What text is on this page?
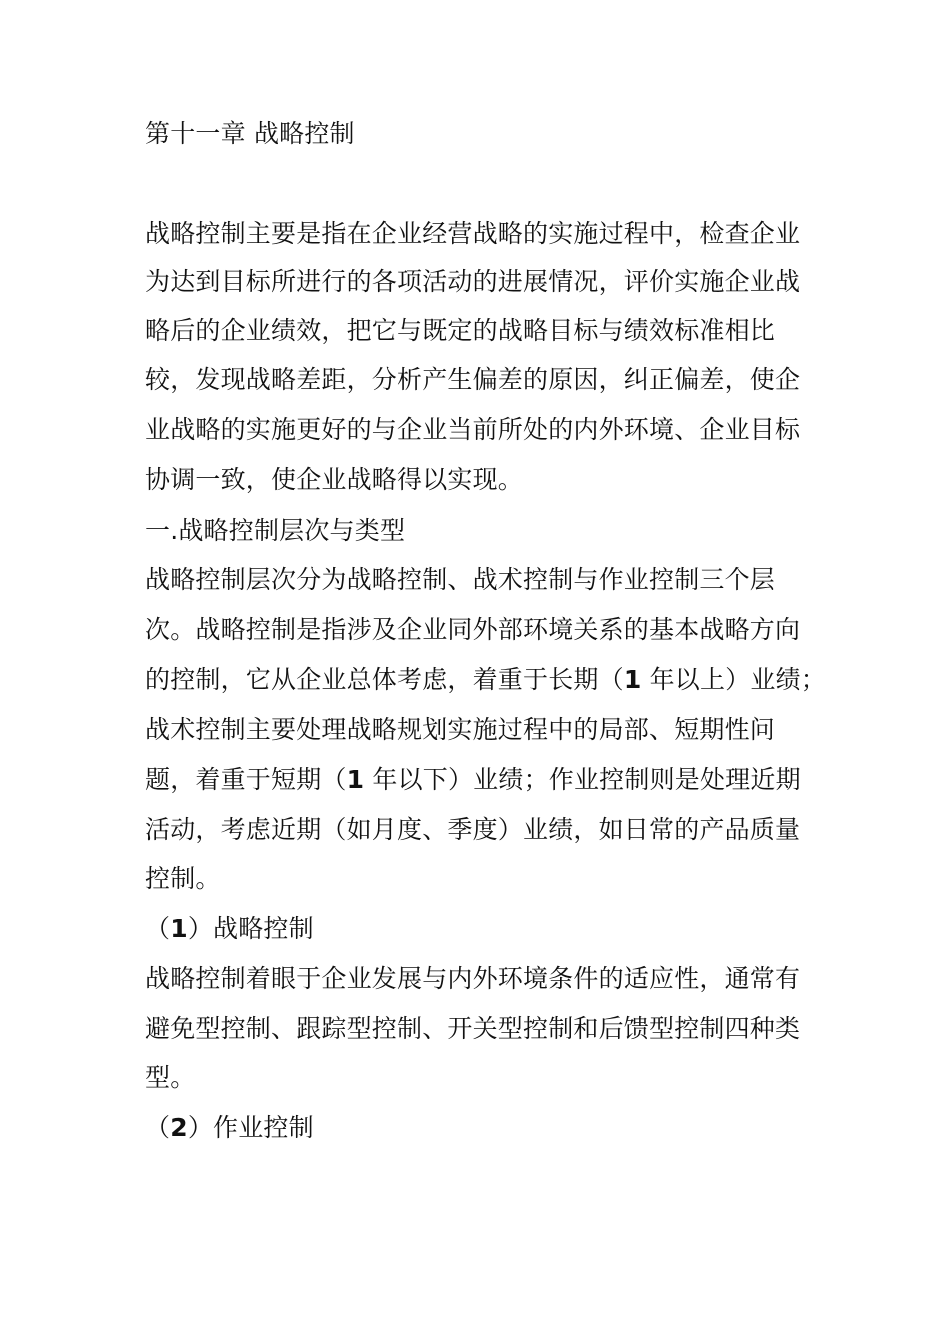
第十一章 战略控制
战略控制主要是指在企业经营战略的实施过程中，检查企业
为达到目标所进行的各项活动的进展情况，评价实施企业战
略后的企业绩效，把它与既定的战略目标与绩效标准相比
较，发现战略差距，分析产生偏差的原因，纠正偏差，使企
业战略的实施更好的与企业当前所处的内外环境、企业目标
协调一致，使企业战略得以实现。
一.战略控制层次与类型
战略控制层次分为战略控制、战术控制与作业控制三个层
次。战略控制是指涉及企业同外部环境关系的基本战略方向
的控制，它从企业总体考虑，着重于长期（1 年以上）业绩；
战术控制主要处理战略规划实施过程中的局部、短期性问
题，着重于短期（1 年以下）业绩；作业控制则是处理近期
活动，考虑近期（如月度、季度）业绩，如日常的产品质量
控制。
（1）战略控制
战略控制着眼于企业发展与内外环境条件的适应性，通常有
避免型控制、跟踪型控制、开关型控制和后馈型控制四种类
型。
（2）作业控制
